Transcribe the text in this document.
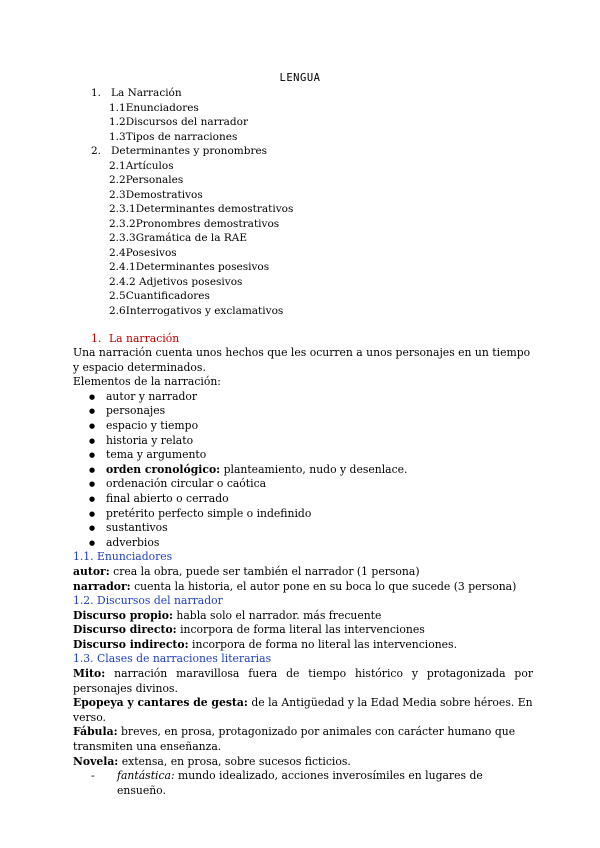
LENGUA
1. La Narración
1.1Enunciadores
1.2Discursos del narrador
1.3Tipos de narraciones
2. Determinantes y pronombres
2.1Artículos
2.2Personales
2.3Demostrativos
2.3.1Determinantes demostrativos
2.3.2Pronombres demostrativos
2.3.3Gramática de la RAE
2.4Posesivos
2.4.1Determinantes posesivos
2.4.2 Adjetivos posesivos
2.5Cuantificadores
2.6Interrogativos y exclamativos
1. La narración
Una narración cuenta unos hechos que les ocurren a unos personajes en un tiempo y espacio determinados.
Elementos de la narración:
● autor y narrador
● personajes
● espacio y tiempo
● historia y relato
● tema y argumento
● orden cronológico: planteamiento, nudo y desenlace.
● ordenación circular o caótica
● final abierto o cerrado
● pretérito perfecto simple o indefinido
● sustantivos
● adverbios
1.1. Enunciadores
autor: crea la obra, puede ser también el narrador (1 persona)
narrador: cuenta la historia, el autor pone en su boca lo que sucede (3 persona)
1.2. Discursos del narrador
Discurso propio: habla solo el narrador. más frecuente
Discurso directo: incorpora de forma literal las intervenciones
Discurso indirecto: incorpora de forma no literal las intervenciones.
1.3. Clases de narraciones literarias
Mito: narración maravillosa fuera de tiempo histórico y protagonizada por personajes divinos.
Epopeya y cantares de gesta: de la Antigüedad y la Edad Media sobre héroes. En verso.
Fábula: breves, en prosa, protagonizado por animales con carácter humano que transmiten una enseñanza.
Novela: extensa, en prosa, sobre sucesos ficticios.
- fantástica: mundo idealizado, acciones inverosímiles en lugares de ensueño.
